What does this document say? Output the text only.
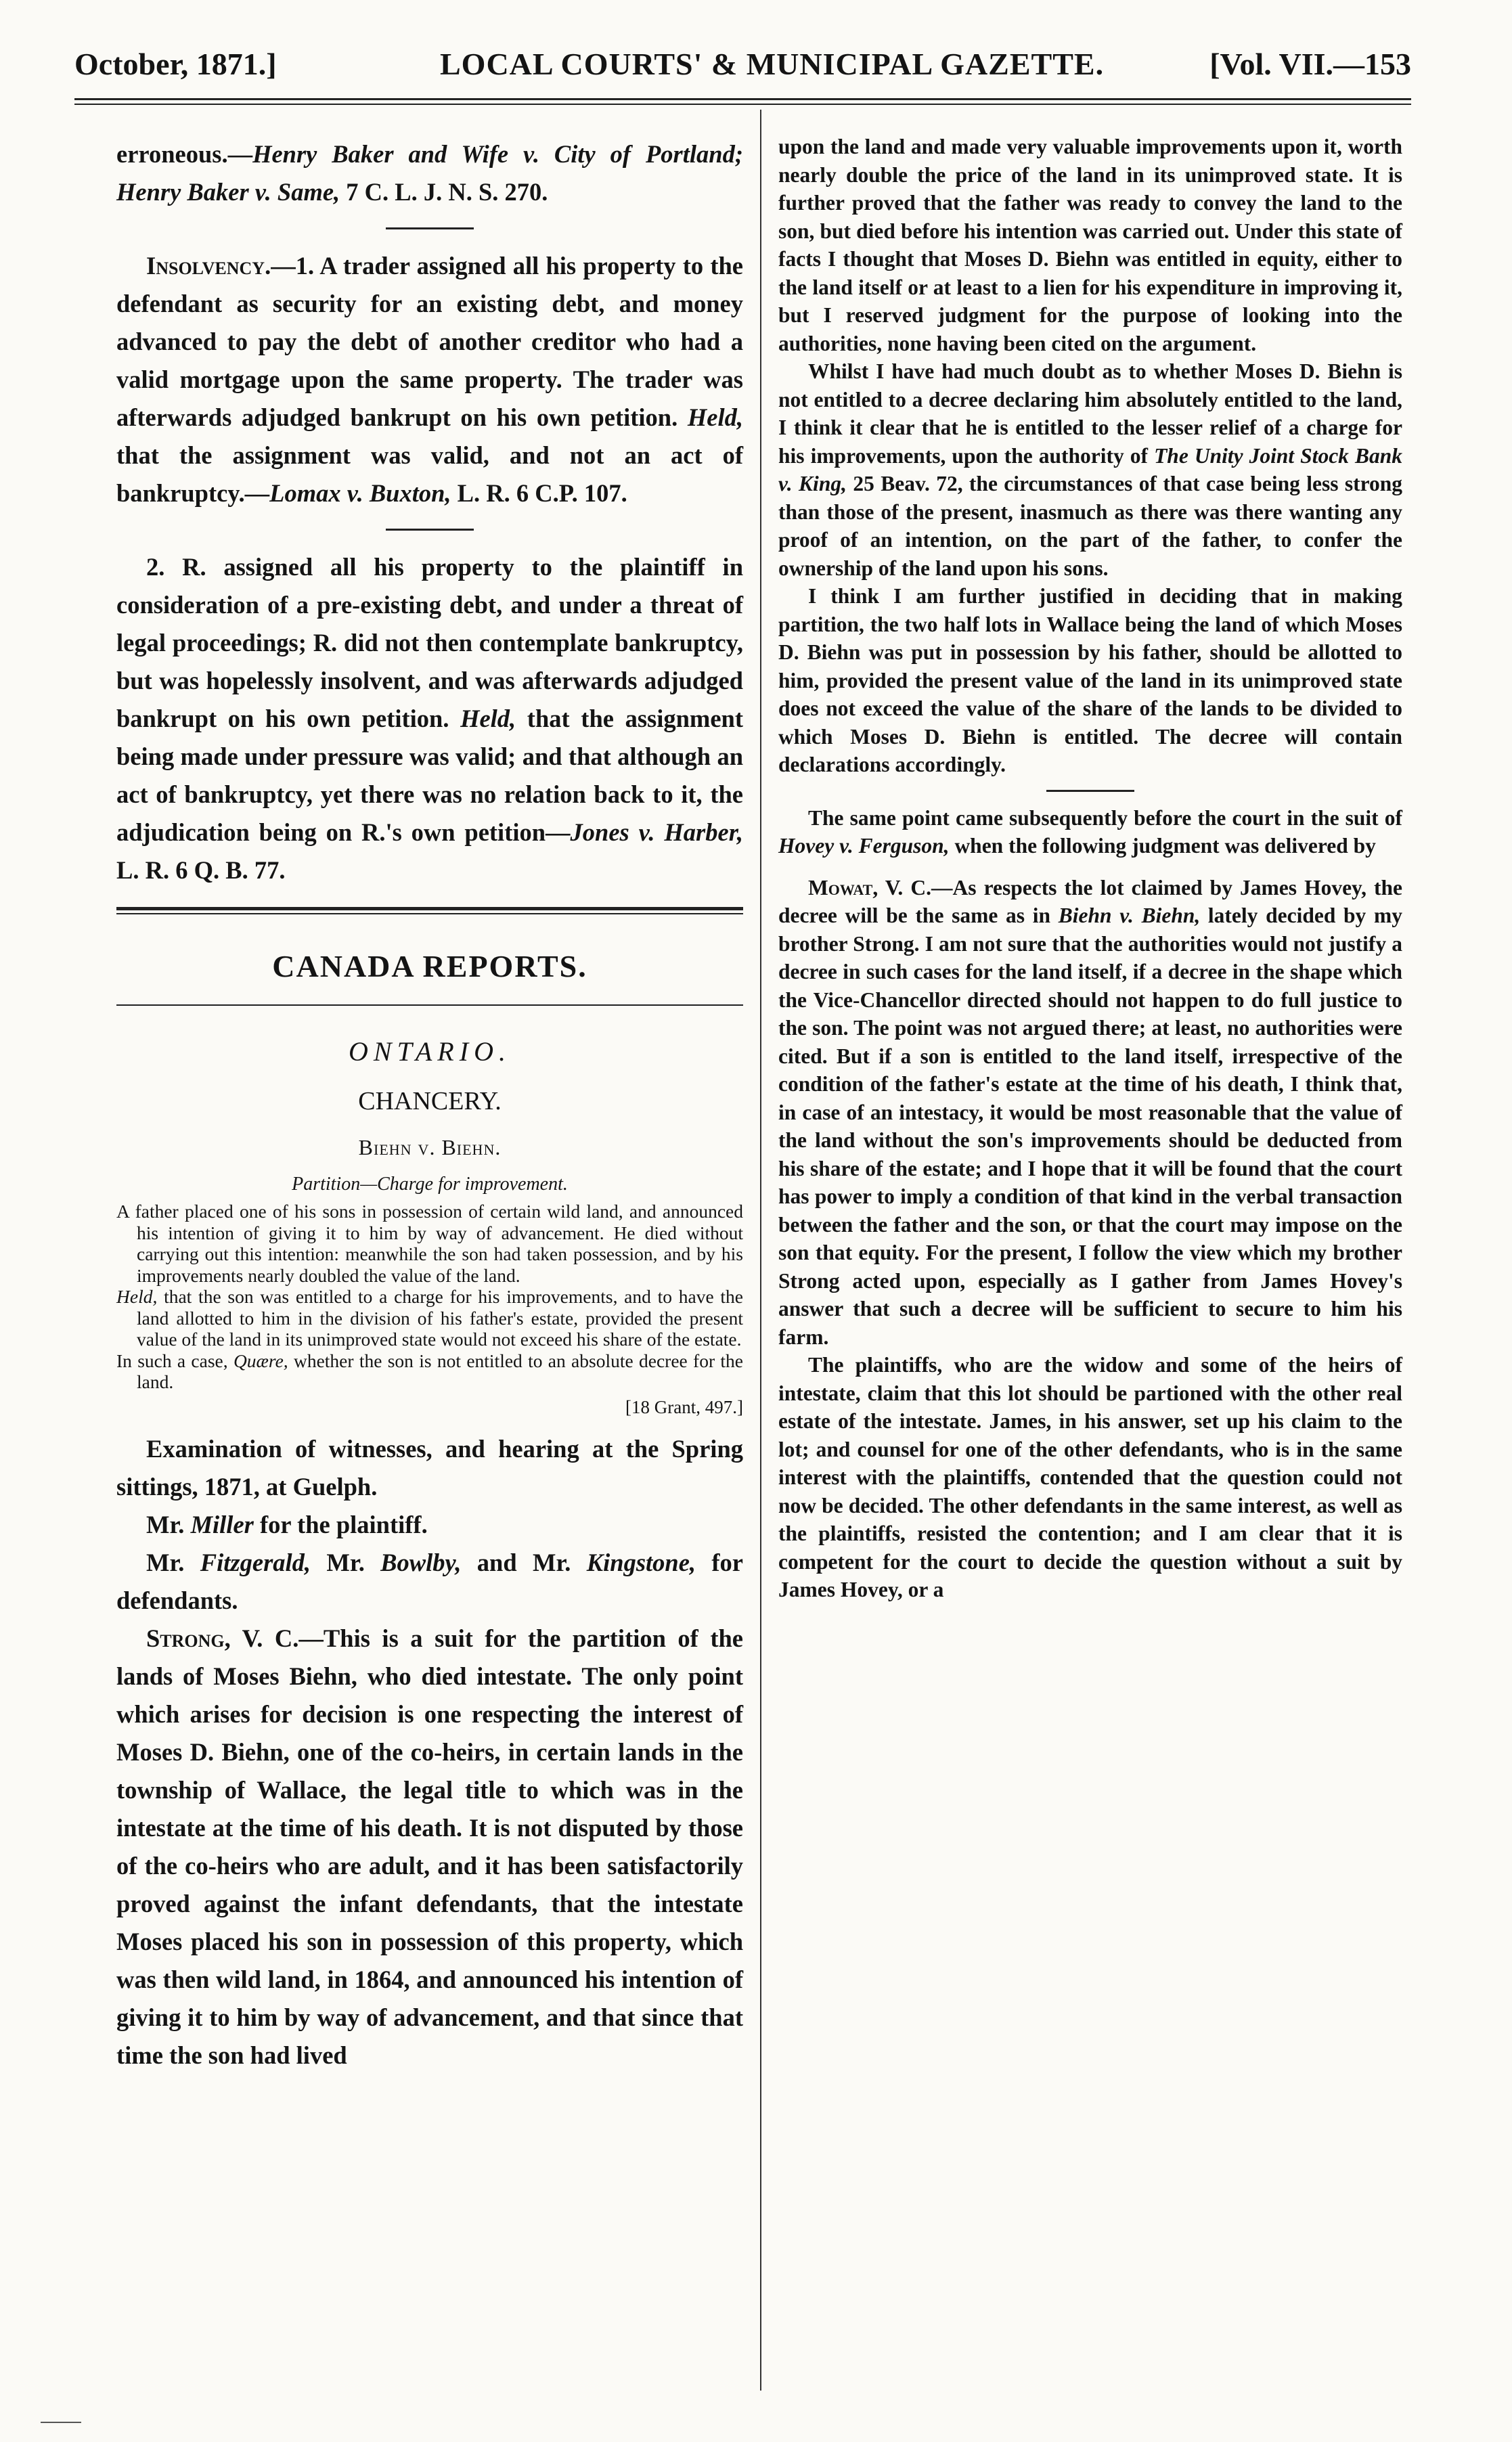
October, 1871.]	LOCAL COURTS' & MUNICIPAL GAZETTE.	[Vol. VII.—153

erroneous.—Henry Baker and Wife v. City of Portland; Henry Baker v. Same, 7 C. L. J. N. S. 270.

Insolvency.—1. A trader assigned all his property to the defendant as security for an existing debt, and money advanced to pay the debt of another creditor who had a valid mortgage upon the same property. The trader was afterwards adjudged bankrupt on his own petition. Held, that the assignment was valid, and not an act of bankruptcy.—Lomax v. Buxton, L. R. 6 C.P. 107.

2. R. assigned all his property to the plaintiff in consideration of a pre-existing debt, and under a threat of legal proceedings; R. did not then contemplate bankruptcy, but was hopelessly insolvent, and was afterwards adjudged bankrupt on his own petition. Held, that the assignment being made under pressure was valid; and that although an act of bankruptcy, yet there was no relation back to it, the adjudication being on R.'s own petition—Jones v. Harber, L. R. 6 Q. B. 77.

CANADA REPORTS.
ONTARIO.
CHANCERY.
Biehn v. Biehn.
Partition—Charge for improvement.

A father placed one of his sons in possession of certain wild land, and announced his intention of giving it to him by way of advancement. He died without carrying out this intention: meanwhile the son had taken possession, and by his improvements nearly doubled the value of the land.

Held, that the son was entitled to a charge for his improvements, and to have the land allotted to him in the division of his father's estate, provided the present value of the land in its unimproved state would not exceed his share of the estate.

In such a case, Quære, whether the son is not entitled to an absolute decree for the land.

[18 Grant, 497.]

Examination of witnesses, and hearing at the Spring sittings, 1871, at Guelph.

Mr. Miller for the plaintiff.

Mr. Fitzgerald, Mr. Bowlby, and Mr. Kingstone, for defendants.

Strong, V. C.—This is a suit for the partition of the lands of Moses Biehn, who died intestate. The only point which arises for decision is one respecting the interest of Moses D. Biehn, one of the co-heirs, in certain lands in the township of Wallace, the legal title to which was in the intestate at the time of his death. It is not disputed by those of the co-heirs who are adult, and it has been satisfactorily proved against the infant defendants, that the intestate Moses placed his son in possession of this property, which was then wild land, in 1864, and announced his intention of giving it to him by way of advancement, and that since that time the son had lived

upon the land and made very valuable improvements upon it, worth nearly double the price of the land in its unimproved state. It is further proved that the father was ready to convey the land to the son, but died before his intention was carried out. Under this state of facts I thought that Moses D. Biehn was entitled in equity, either to the land itself or at least to a lien for his expenditure in improving it, but I reserved judgment for the purpose of looking into the authorities, none having been cited on the argument.

Whilst I have had much doubt as to whether Moses D. Biehn is not entitled to a decree declaring him absolutely entitled to the land, I think it clear that he is entitled to the lesser relief of a charge for his improvements, upon the authority of The Unity Joint Stock Bank v. King, 25 Beav. 72, the circumstances of that case being less strong than those of the present, inasmuch as there was there wanting any proof of an intention, on the part of the father, to confer the ownership of the land upon his sons.

I think I am further justified in deciding that in making partition, the two half lots in Wallace being the land of which Moses D. Biehn was put in possession by his father, should be allotted to him, provided the present value of the land in its unimproved state does not exceed the value of the share of the lands to be divided to which Moses D. Biehn is entitled. The decree will contain declarations accordingly.

The same point came subsequently before the court in the suit of Hovey v. Ferguson, when the following judgment was delivered by

Mowat, V. C.—As respects the lot claimed by James Hovey, the decree will be the same as in Biehn v. Biehn, lately decided by my brother Strong. I am not sure that the authorities would not justify a decree in such cases for the land itself, if a decree in the shape which the Vice-Chancellor directed should not happen to do full justice to the son. The point was not argued there; at least, no authorities were cited. But if a son is entitled to the land itself, irrespective of the condition of the father's estate at the time of his death, I think that, in case of an intestacy, it would be most reasonable that the value of the land without the son's improvements should be deducted from his share of the estate; and I hope that it will be found that the court has power to imply a condition of that kind in the verbal transaction between the father and the son, or that the court may impose on the son that equity. For the present, I follow the view which my brother Strong acted upon, especially as I gather from James Hovey's answer that such a decree will be sufficient to secure to him his farm.

The plaintiffs, who are the widow and some of the heirs of intestate, claim that this lot should be partioned with the other real estate of the intestate. James, in his answer, set up his claim to the lot; and counsel for one of the other defendants, who is in the same interest with the plaintiffs, contended that the question could not now be decided. The other defendants in the same interest, as well as the plaintiffs, resisted the contention; and I am clear that it is competent for the court to decide the question without a suit by James Hovey, or a
